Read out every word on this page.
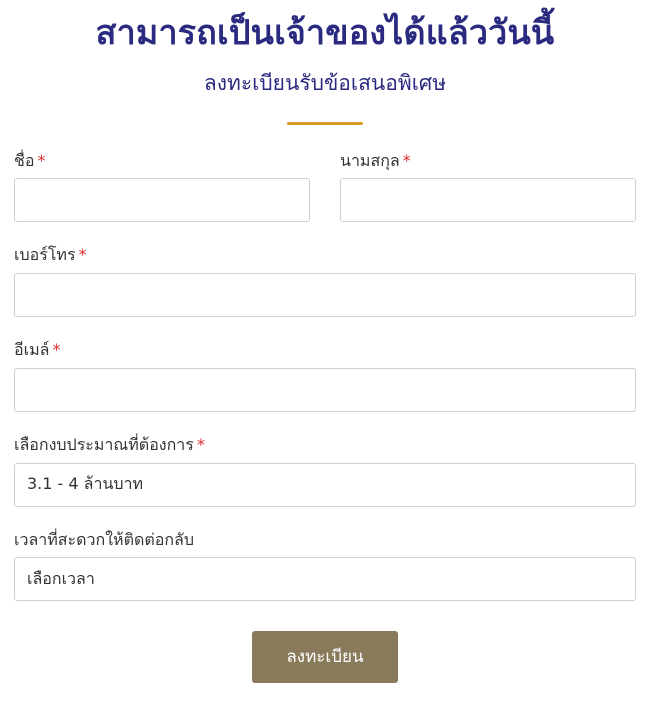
สามารถเป็นเจ้าของได้แล้ววันนี้
ลงทะเบียนรับข้อเสนอพิเศษ
ชื่อ *	นามสกุล *
เบอร์โทร *
อีเมล์ *
เลือกงบประมาณที่ต้องการ *
3.1 - 4 ล้านบาท
เวลาที่สะดวกให้ติดต่อกลับ
เลือกเวลา
ลงทะเบียน
